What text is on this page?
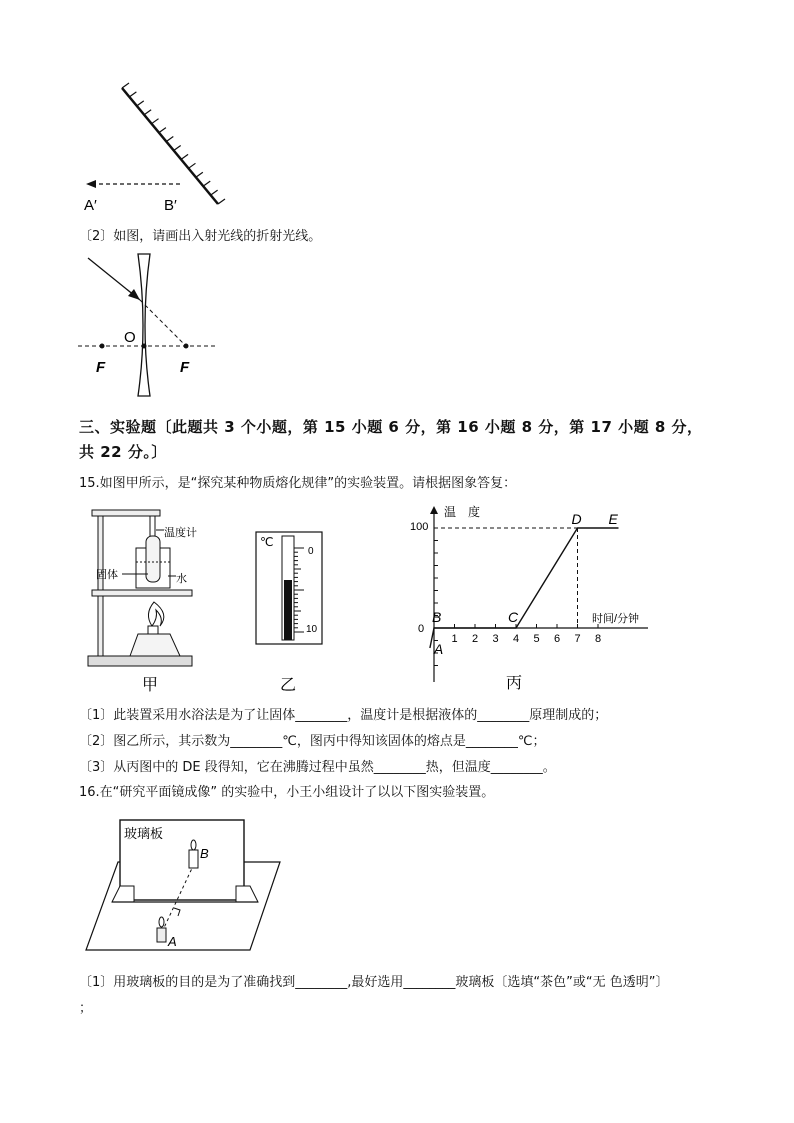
A′	B′
〔2〕如图，请画出入射光线的折射光线。
O
F	F
三、实验题〔此题共 3 个小题，第 15 小题 6 分，第 16 小题 8 分，第 17 小题 8 分，
共 22 分。〕
15.如图甲所示，是“探究某种物质熔化规律”的实验装置。请根据图象答复：
温度计
固体	水
甲
℃
0
10
乙
温　度
时间/分钟
100
0
1 2 3 4 5 6 7 8
A
B	C
D E
丙
〔1〕此装置采用水浴法是为了让固体________，温度计是根据液体的________原理制成的；
〔2〕图乙所示，其示数为________℃，图丙中得知该固体的熔点是________℃；
〔3〕从丙图中的 DE 段得知，它在沸腾过程中虽然________热，但温度________。
16.在“研究平面镜成像” 的实验中，小王小组设计了以以下图实验装置。
玻璃板
B
A
〔1〕用玻璃板的目的是为了准确找到________,最好选用________玻璃板〔选填“茶色”或“无 色透明”〕
；
